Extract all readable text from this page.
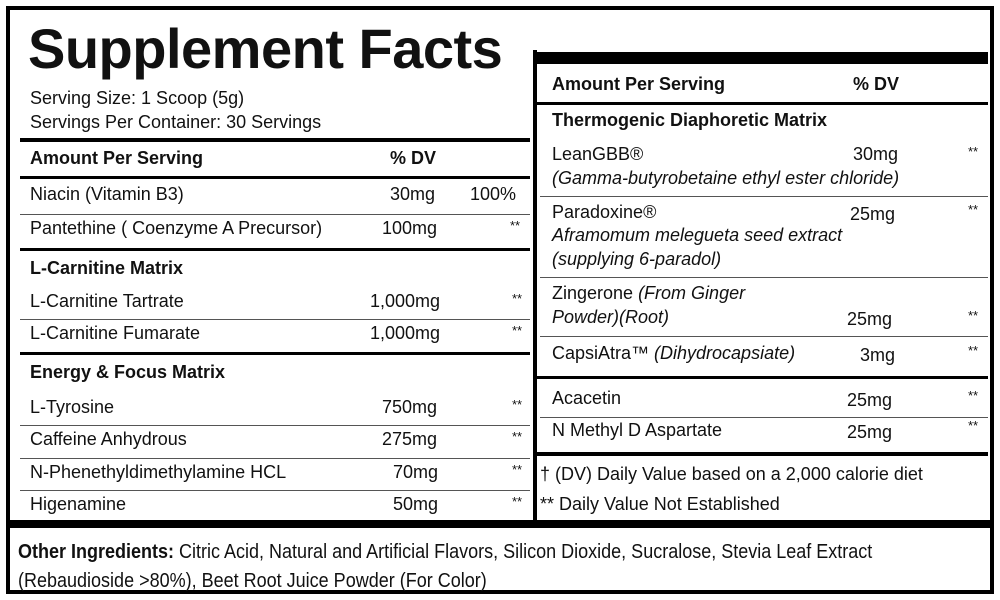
Supplement Facts
Serving Size: 1 Scoop (5g)
Servings Per Container: 30 Servings
Amount Per Serving	% DV
Niacin (Vitamin B3)	30mg 100%
Pantethine ( Coenzyme A Precursor)	100mg	**
L-Carnitine Matrix
L-Carnitine Tartrate	1,000mg	**
L-Carnitine Fumarate	1,000mg	**
Energy & Focus Matrix
L-Tyrosine	750mg	**
Caffeine Anhydrous	275mg	**
N-Phenethyldimethylamine HCL	70mg	**
Higenamine	50mg	**
Amount Per Serving	% DV
Thermogenic Diaphoretic Matrix
LeanGBB®	30mg	**
(Gamma-butyrobetaine ethyl ester chloride)
Paradoxine®	25mg	**
Aframomum melegueta seed extract
(supplying 6-paradol)
Zingerone (From Ginger
Powder)(Root)	25mg	**
CapsiAtra™ (Dihydrocapsiate)	3mg	**
Acacetin	25mg	**
N Methyl D Aspartate	25mg	**
† (DV) Daily Value based on a 2,000 calorie diet
** Daily Value Not Established
Other Ingredients: Citric Acid, Natural and Artificial Flavors, Silicon Dioxide, Sucralose, Stevia Leaf Extract (Rebaudioside >80%), Beet Root Juice Powder (For Color)
